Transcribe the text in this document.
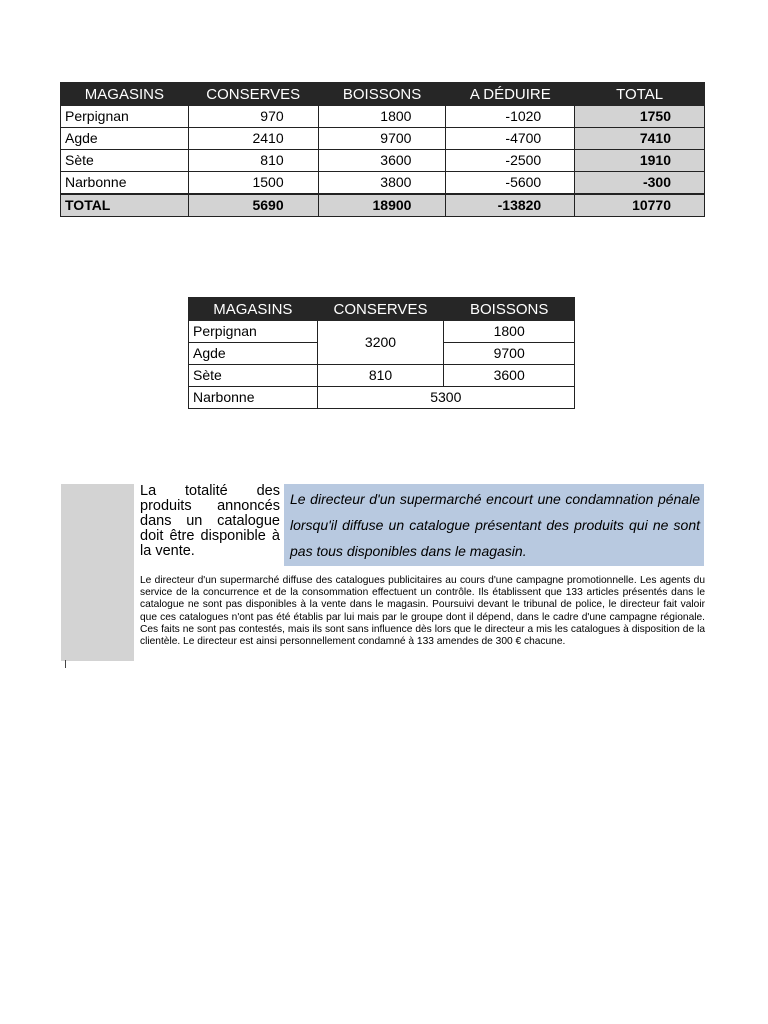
MAGASINS	CONSERVES	BOISSONS	A DÉDUIRE	TOTAL
Perpignan	970	1800	-1020	1750
Agde	2410	9700	-4700	7410
Sète	810	3600	-2500	1910
Narbonne	1500	3800	-5600	-300
TOTAL	5690	18900	-13820	10770
MAGASINS	CONSERVES	BOISSONS
Perpignan	3200	1800
Agde		9700
Sète	810	3600
Narbonne	5300	
La totalité des produits annoncés dans un catalogue doit être disponible à la vente.
Le directeur d'un supermarché encourt une condamnation pénale lorsqu'il diffuse un catalogue présentant des produits qui ne sont pas tous disponibles dans le magasin.
Le directeur d'un supermarché diffuse des catalogues publicitaires au cours d'une campagne promotionnelle. Les agents du service de la concurrence et de la consommation effectuent un contrôle. Ils établissent que 133 articles présentés dans le catalogue ne sont pas disponibles à la vente dans le magasin. Poursuivi devant le tribunal de police, le directeur fait valoir que ces catalogues n'ont pas été établis par lui mais par le groupe dont il dépend, dans le cadre d'une campagne régionale. Ces faits ne sont pas contestés, mais ils sont sans influence dès lors que le directeur a mis les catalogues à disposition de la clientèle. Le directeur est ainsi personnellement condamné à 133 amendes de 300 € chacune.
